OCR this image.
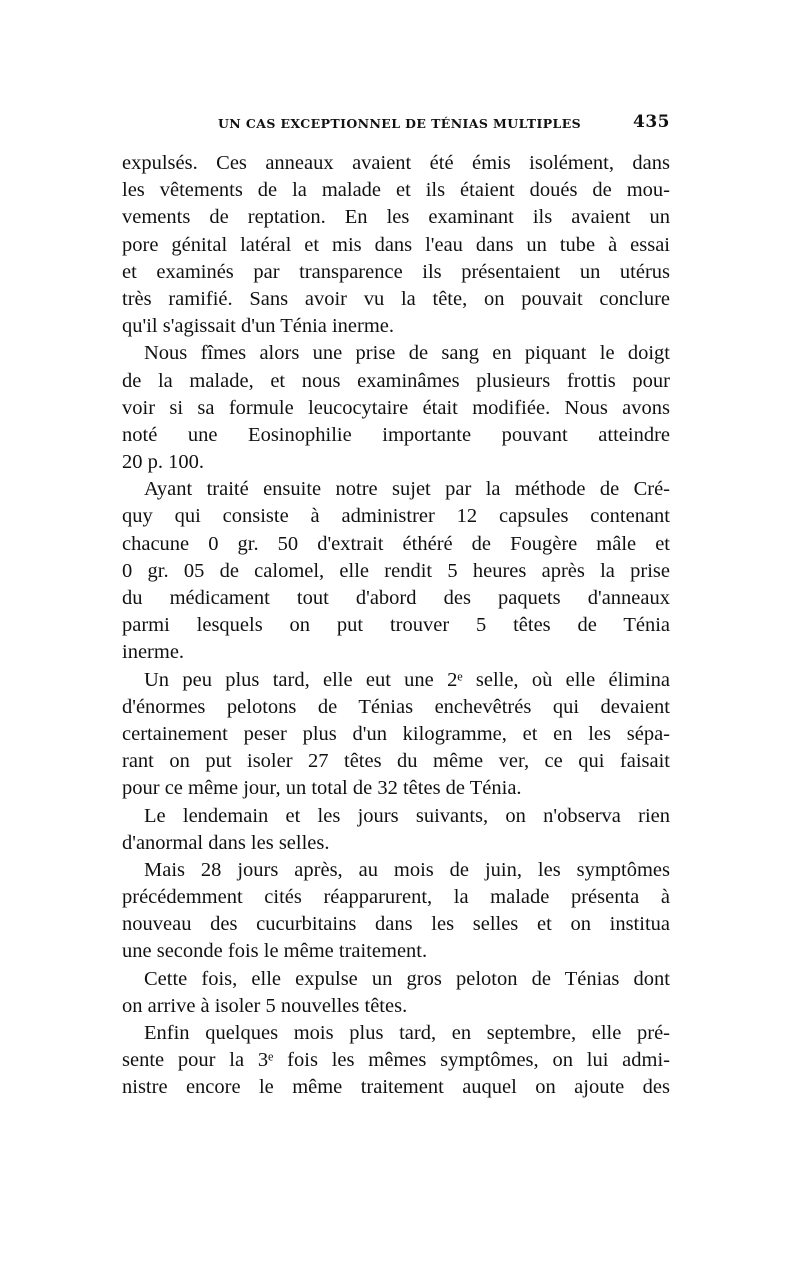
UN CAS EXCEPTIONNEL DE TÉNIAS MULTIPLES	435
expulsés. Ces anneaux avaient été émis isolément, dans
les vêtements de la malade et ils étaient doués de mou-
vements de reptation. En les examinant ils avaient un
pore génital latéral et mis dans l'eau dans un tube à essai
et examinés par transparence ils présentaient un utérus
très ramifié. Sans avoir vu la tête, on pouvait conclure
qu'il s'agissait d'un Ténia inerme.
Nous fîmes alors une prise de sang en piquant le doigt
de la malade, et nous examinâmes plusieurs frottis pour
voir si sa formule leucocytaire était modifiée. Nous avons
noté une Eosinophilie importante pouvant atteindre
20 p. 100.
Ayant traité ensuite notre sujet par la méthode de Cré-
quy qui consiste à administrer 12 capsules contenant
chacune 0 gr. 50 d'extrait éthéré de Fougère mâle et
0 gr. 05 de calomel, elle rendit 5 heures après la prise
du médicament tout d'abord des paquets d'anneaux
parmi lesquels on put trouver 5 têtes de Ténia
inerme.
Un peu plus tard, elle eut une 2ᵉ selle, où elle élimina
d'énormes pelotons de Ténias enchevêtrés qui devaient
certainement peser plus d'un kilogramme, et en les sépa-
rant on put isoler 27 têtes du même ver, ce qui faisait
pour ce même jour, un total de 32 têtes de Ténia.
Le lendemain et les jours suivants, on n'observa rien
d'anormal dans les selles.
Mais 28 jours après, au mois de juin, les symptômes
précédemment cités réapparurent, la malade présenta à
nouveau des cucurbitains dans les selles et on institua
une seconde fois le même traitement.
Cette fois, elle expulse un gros peloton de Ténias dont
on arrive à isoler 5 nouvelles têtes.
Enfin quelques mois plus tard, en septembre, elle pré-
sente pour la 3ᵉ fois les mêmes symptômes, on lui admi-
nistre encore le même traitement auquel on ajoute des
